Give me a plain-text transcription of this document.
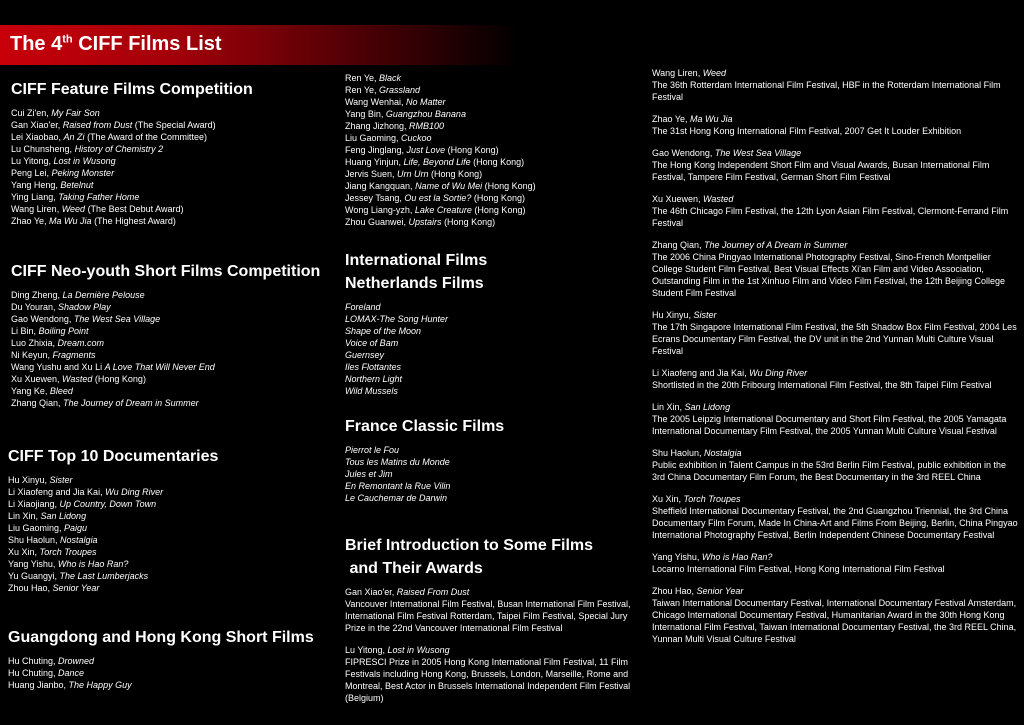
The 4th CIFF Films List
CIFF Feature Films Competition
Cui Zi'en, My Fair Son
Gan Xiao'er, Raised from Dust (The Special Award)
Lei Xiaobao, An Zi (The Award of the Committee)
Lu Chunsheng, History of Chemistry 2
Lu Yitong, Lost in Wusong
Peng Lei, Peking Monster
Yang Heng, Betelnut
Ying Liang, Taking Father Home
Wang Liren, Weed (The Best Debut Award)
Zhao Ye, Ma Wu Jia (The Highest Award)
CIFF Neo-youth Short Films Competition
Ding Zheng, La Dernière Pelouse
Du Youran, Shadow Play
Gao Wendong, The West Sea Village
Li Bin, Boiling Point
Luo Zhixia, Dream.com
Ni Keyun, Fragments
Wang Yushu and Xu Li A Love That Will Never End
Xu Xuewen, Wasted (Hong Kong)
Yang Ke, Bleed
Zhang Qian, The Journey of Dream in Summer
CIFF Top 10 Documentaries
Hu Xinyu, Sister
Li Xiaofeng and Jia Kai, Wu Ding River
Li Xiaojiang, Up Country, Down Town
Lin Xin, San Lidong
Liu Gaoming, Paigu
Shu Haolun, Nostalgia
Xu Xin, Torch Troupes
Yang Yishu, Who is Hao Ran?
Yu Guangyi, The Last Lumberjacks
Zhou Hao, Senior Year
Guangdong and Hong Kong Short Films
Hu Chuting, Drowned
Hu Chuting, Dance
Huang Jianbo, The Happy Guy
Ren Ye, Black
Ren Ye, Grassland
Wang Wenhai, No Matter
Yang Bin, Guangzhou Banana
Zhang Jizhong, RMB100
Liu Gaoming, Cuckoo
Feng Jinglang, Just Love (Hong Kong)
Huang Yinjun, Life, Beyond Life (Hong Kong)
Jervis Suen, Urn Urn (Hong Kong)
Jiang Kangquan, Name of Wu Mei (Hong Kong)
Jessey Tsang, Ou est la Sortie? (Hong Kong)
Wong Liang-yzh, Lake Creature (Hong Kong)
Zhou Guanwei, Upstairs (Hong Kong)
International Films
Netherlands Films
Foreland
LOMAX-The Song Hunter
Shape of the Moon
Voice of Bam
Guernsey
Iles Flottantes
Northern Light
Wild Mussels
France Classic Films
Pierrot le Fou
Tous les Matins du Monde
Jules et Jim
En Remontant la Rue Vilin
Le Cauchemar de Darwin
Brief Introduction to Some Films
and Their Awards
Gan Xiao'er, Raised From Dust
Vancouver International Film Festival, Busan International Film Festival, International Film Festival Rotterdam, Taipei Film Festival, Special Jury Prize in the 22nd Vancouver International Film Festival
Lu Yitong, Lost in Wusong
FIPRESCI Prize in 2005 Hong Kong International Film Festival, 11 Film Festivals including Hong Kong, Brussels, London, Marseille, Rome and Montreal, Best Actor in Brussels International Independent Film Festival (Belgium)
Wang Liren, Weed
The 36th Rotterdam International Film Festival, HBF in the Rotterdam International Film Festival
Zhao Ye, Ma Wu Jia
The 31st Hong Kong International Film Festival, 2007 Get It Louder Exhibition
Gao Wendong, The West Sea Village
The Hong Kong Independent Short Film and Visual Awards, Busan International Film Festival, Tampere Film Festival, German Short Film Festival
Xu Xuewen, Wasted
The 46th Chicago Film Festival, the 12th Lyon Asian Film Festival, Clermont-Ferrand Film Festival
Zhang Qian, The Journey of A Dream in Summer
The 2006 China Pingyao International Photography Festival, Sino-French Montpellier College Student Film Festival, Best Visual Effects Xi'an Film and Video Association, Outstanding Film in the 1st Xinhuo Film and Video Film Festival, the 12th Beijing College Student Film Festival
Hu Xinyu, Sister
The 17th Singapore International Film Festival, the 5th Shadow Box Film Festival, 2004 Les Ecrans Documentary Film Festival, the DV unit in the 2nd Yunnan Multi Culture Visual Festival
Li Xiaofeng and Jia Kai, Wu Ding River
Shortlisted in the 20th Fribourg International Film Festival, the 8th Taipei Film Festival
Lin Xin, San Lidong
The 2005 Leipzig International Documentary and Short Film Festival, the 2005 Yamagata International Documentary Film Festival, the 2005 Yunnan Multi Culture Visual Festival
Shu Haolun, Nostalgia
Public exhibition in Talent Campus in the 53rd Berlin Film Festival, public exhibition in the 3rd China Documentary Film Forum, the Best Documentary in the 3rd REEL China
Xu Xin, Torch Troupes
Sheffield International Documentary Festival, the 2nd Guangzhou Triennial, the 3rd China Documentary Film Forum, Made In China-Art and Films From Beijing, Berlin, China Pingyao International Photography Festival, Berlin Independent Chinese Documentary Festival
Yang Yishu, Who is Hao Ran?
Locarno International Film Festival, Hong Kong International Film Festival
Zhou Hao, Senior Year
Taiwan International Documentary Festival, International Documentary Festival Amsterdam, Chicago International Documentary Festival, Humanitarian Award in the 30th Hong Kong International Film Festival, Taiwan International Documentary Festival, the 3rd REEL China, Yunnan Multi Visual Culture Festival
